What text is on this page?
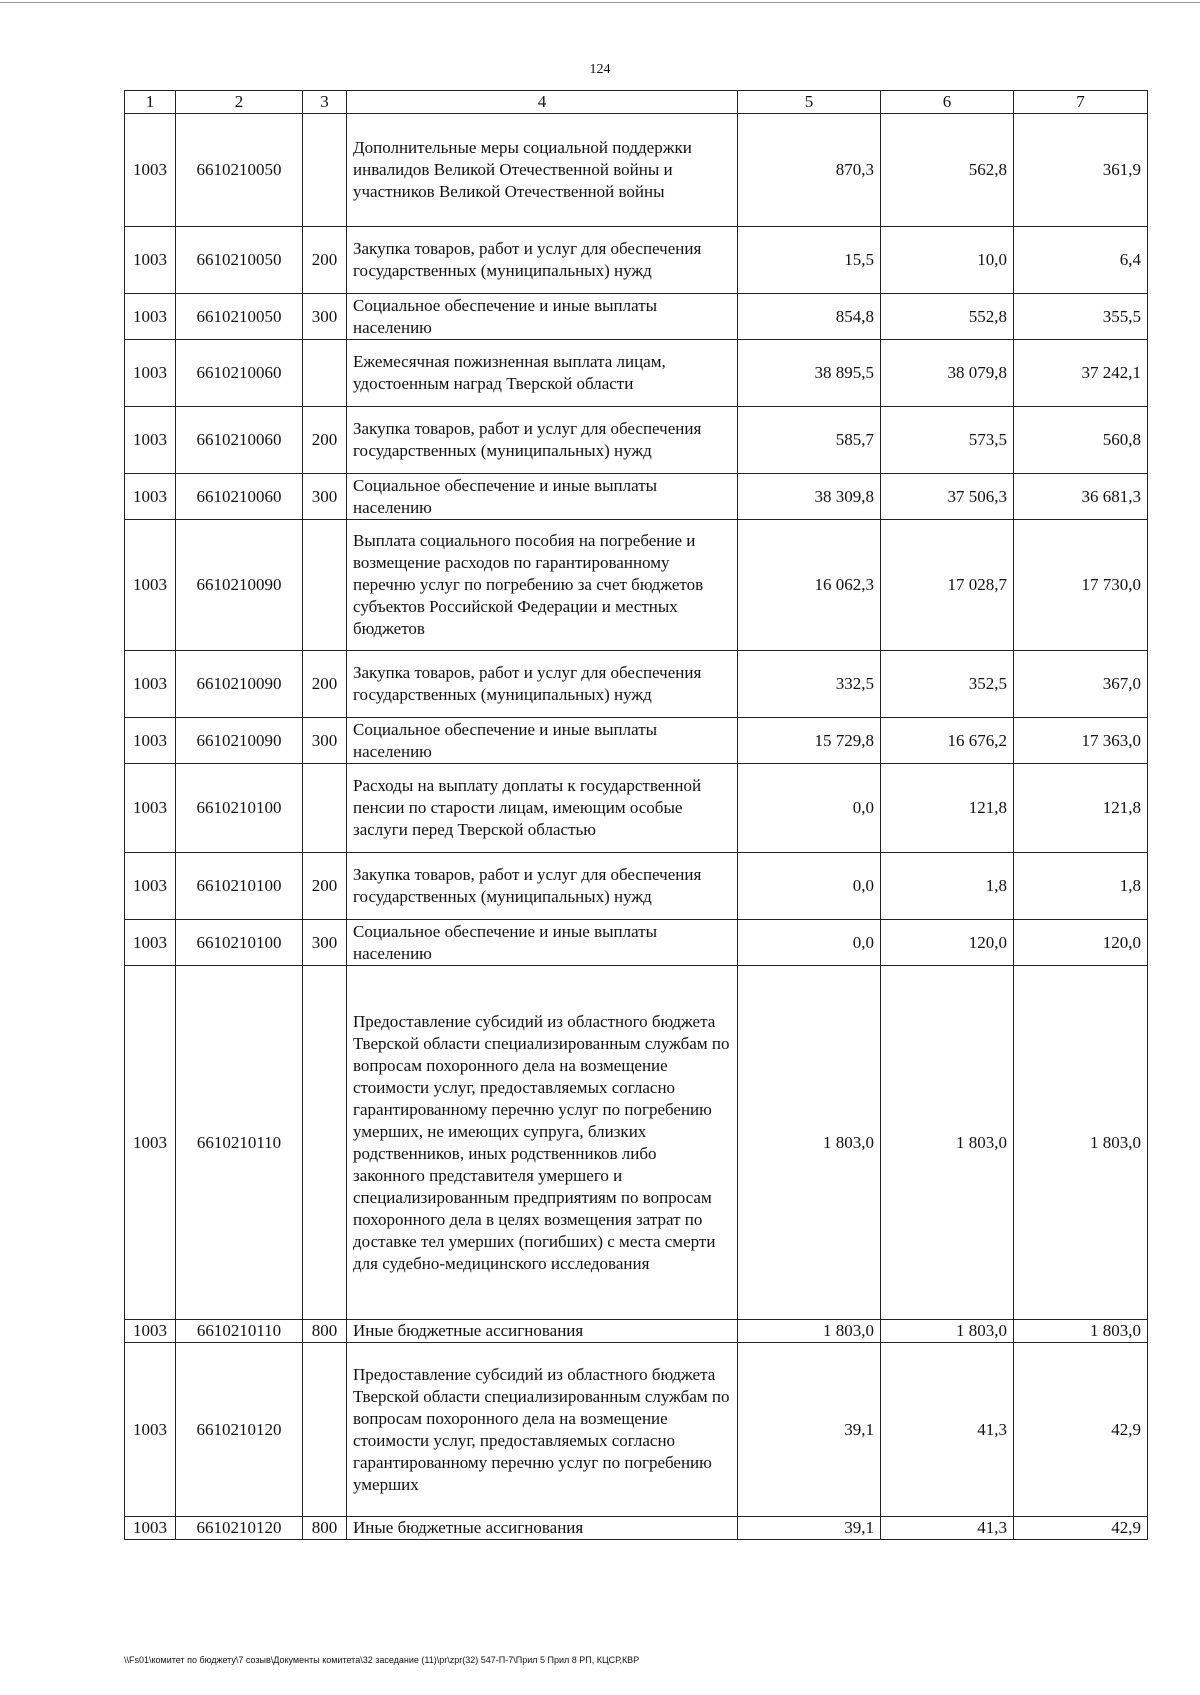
124
1	2	3	4	5	6	7
1003	6610210050		Дополнительные меры социальной поддержки инвалидов Великой Отечественной войны и участников Великой Отечественной войны	870,3	562,8	361,9
1003	6610210050	200	Закупка товаров, работ и услуг для обеспечения государственных (муниципальных) нужд	15,5	10,0	6,4
1003	6610210050	300	Социальное обеспечение и иные выплаты населению	854,8	552,8	355,5
1003	6610210060		Ежемесячная пожизненная выплата лицам, удостоенным наград Тверской области	38 895,5	38 079,8	37 242,1
1003	6610210060	200	Закупка товаров, работ и услуг для обеспечения государственных (муниципальных) нужд	585,7	573,5	560,8
1003	6610210060	300	Социальное обеспечение и иные выплаты населению	38 309,8	37 506,3	36 681,3
1003	6610210090		Выплата социального пособия на погребение и возмещение расходов по гарантированному перечню услуг по погребению за счет бюджетов субъектов Российской Федерации и местных бюджетов	16 062,3	17 028,7	17 730,0
1003	6610210090	200	Закупка товаров, работ и услуг для обеспечения государственных (муниципальных) нужд	332,5	352,5	367,0
1003	6610210090	300	Социальное обеспечение и иные выплаты населению	15 729,8	16 676,2	17 363,0
1003	6610210100		Расходы на выплату доплаты к государственной пенсии по старости лицам, имеющим особые заслуги перед Тверской областью	0,0	121,8	121,8
1003	6610210100	200	Закупка товаров, работ и услуг для обеспечения государственных (муниципальных) нужд	0,0	1,8	1,8
1003	6610210100	300	Социальное обеспечение и иные выплаты населению	0,0	120,0	120,0
1003	6610210110		Предоставление субсидий из областного бюджета Тверской области специализированным службам по вопросам похоронного дела на возмещение стоимости услуг, предоставляемых согласно гарантированному перечню услуг по погребению умерших, не имеющих супруга, близких родственников, иных родственников либо законного представителя умершего и специализированным предприятиям по вопросам похоронного дела в целях возмещения затрат по доставке тел умерших (погибших) с места смерти для судебно-медицинского исследования	1 803,0	1 803,0	1 803,0
1003	6610210110	800	Иные бюджетные ассигнования	1 803,0	1 803,0	1 803,0
1003	6610210120		Предоставление субсидий из областного бюджета Тверской области специализированным службам по вопросам похоронного дела на возмещение стоимости услуг, предоставляемых согласно гарантированному перечню услуг по погребению умерших	39,1	41,3	42,9
1003	6610210120	800	Иные бюджетные ассигнования	39,1	41,3	42,9
\\Fs01\комитет по бюджету\7 созыв\Документы комитета\32 заседание (11)\pr\zpr(32) 547-П-7\Прил 5 Прил 8 РП, КЦСР,КВР
